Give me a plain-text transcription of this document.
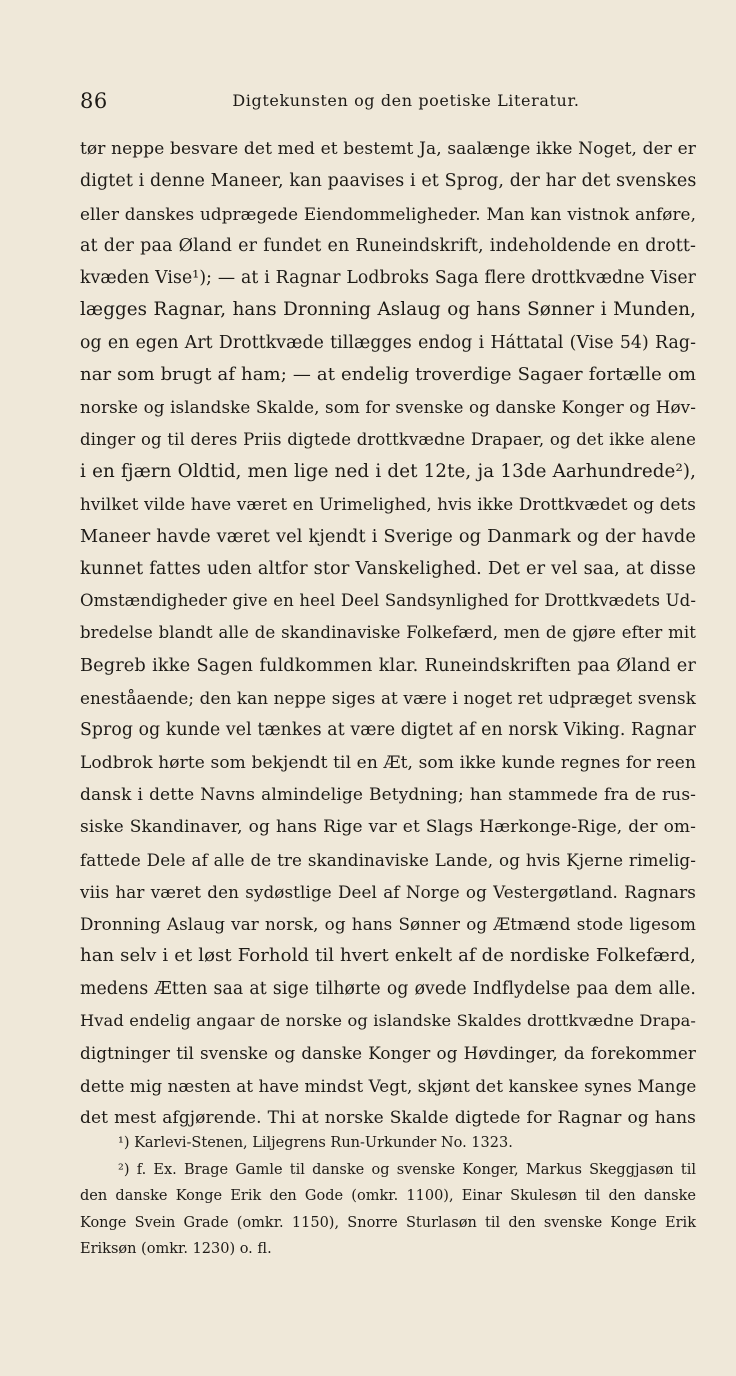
86	Digtekunsten og den poetiske Literatur.
tør neppe besvare det med et bestemt Ja, saalænge ikke Noget, der er
digtet i denne Maneer, kan paavises i et Sprog, der har det svenskes
eller danskes udprægede Eiendommeligheder. Man kan vistnok anføre,
at der paa Øland er fundet en Runeindskrift, indeholdende en drott-
kvæden Vise¹); — at i Ragnar Lodbroks Saga flere drottkvædne Viser
lægges Ragnar, hans Dronning Aslaug og hans Sønner i Munden,
og en egen Art Drottkvæde tillægges endog i Háttatal (Vise 54) Rag-
nar som brugt af ham; — at endelig troverdige Sagaer fortælle om
norske og islandske Skalde, som for svenske og danske Konger og Høv-
dinger og til deres Priis digtede drottkvædne Drapaer, og det ikke alene
i en fjærn Oldtid, men lige ned i det 12te, ja 13de Aarhundrede²),
hvilket vilde have været en Urimelighed, hvis ikke Drottkvædet og dets
Maneer havde været vel kjendt i Sverige og Danmark og der havde
kunnet fattes uden altfor stor Vanskelighed. Det er vel saa, at disse
Omstændigheder give en heel Deel Sandsynlighed for Drottkvædets Ud-
bredelse blandt alle de skandinaviske Folkefærd, men de gjøre efter mit
Begreb ikke Sagen fuldkommen klar. Runeindskriften paa Øland er
eneståaende; den kan neppe siges at være i noget ret udpræget svensk
Sprog og kunde vel tænkes at være digtet af en norsk Viking. Ragnar
Lodbrok hørte som bekjendt til en Æt, som ikke kunde regnes for reen
dansk i dette Navns almindelige Betydning; han stammede fra de rus-
siske Skandinaver, og hans Rige var et Slags Hærkonge-Rige, der om-
fattede Dele af alle de tre skandinaviske Lande, og hvis Kjerne rimelig-
viis har været den sydøstlige Deel af Norge og Vestergøtland. Ragnars
Dronning Aslaug var norsk, og hans Sønner og Ætmænd stode ligesom
han selv i et løst Forhold til hvert enkelt af de nordiske Folkefærd,
medens Ætten saa at sige tilhørte og øvede Indflydelse paa dem alle.
Hvad endelig angaar de norske og islandske Skaldes drottkvædne Drapa-
digtninger til svenske og danske Konger og Høvdinger, da forekommer
dette mig næsten at have mindst Vegt, skjønt det kanskee synes Mange
det mest afgjørende. Thi at norske Skalde digtede for Ragnar og hans
¹) Karlevi-Stenen, Liljegrens Run-Urkunder No. 1323.
²) f. Ex. Brage Gamle til danske og svenske Konger, Markus Skeggjasøn til
den danske Konge Erik den Gode (omkr. 1100), Einar Skulesøn til den danske
Konge Svein Grade (omkr. 1150), Snorre Sturlasøn til den svenske Konge Erik
Eriksøn (omkr. 1230) o. fl.
